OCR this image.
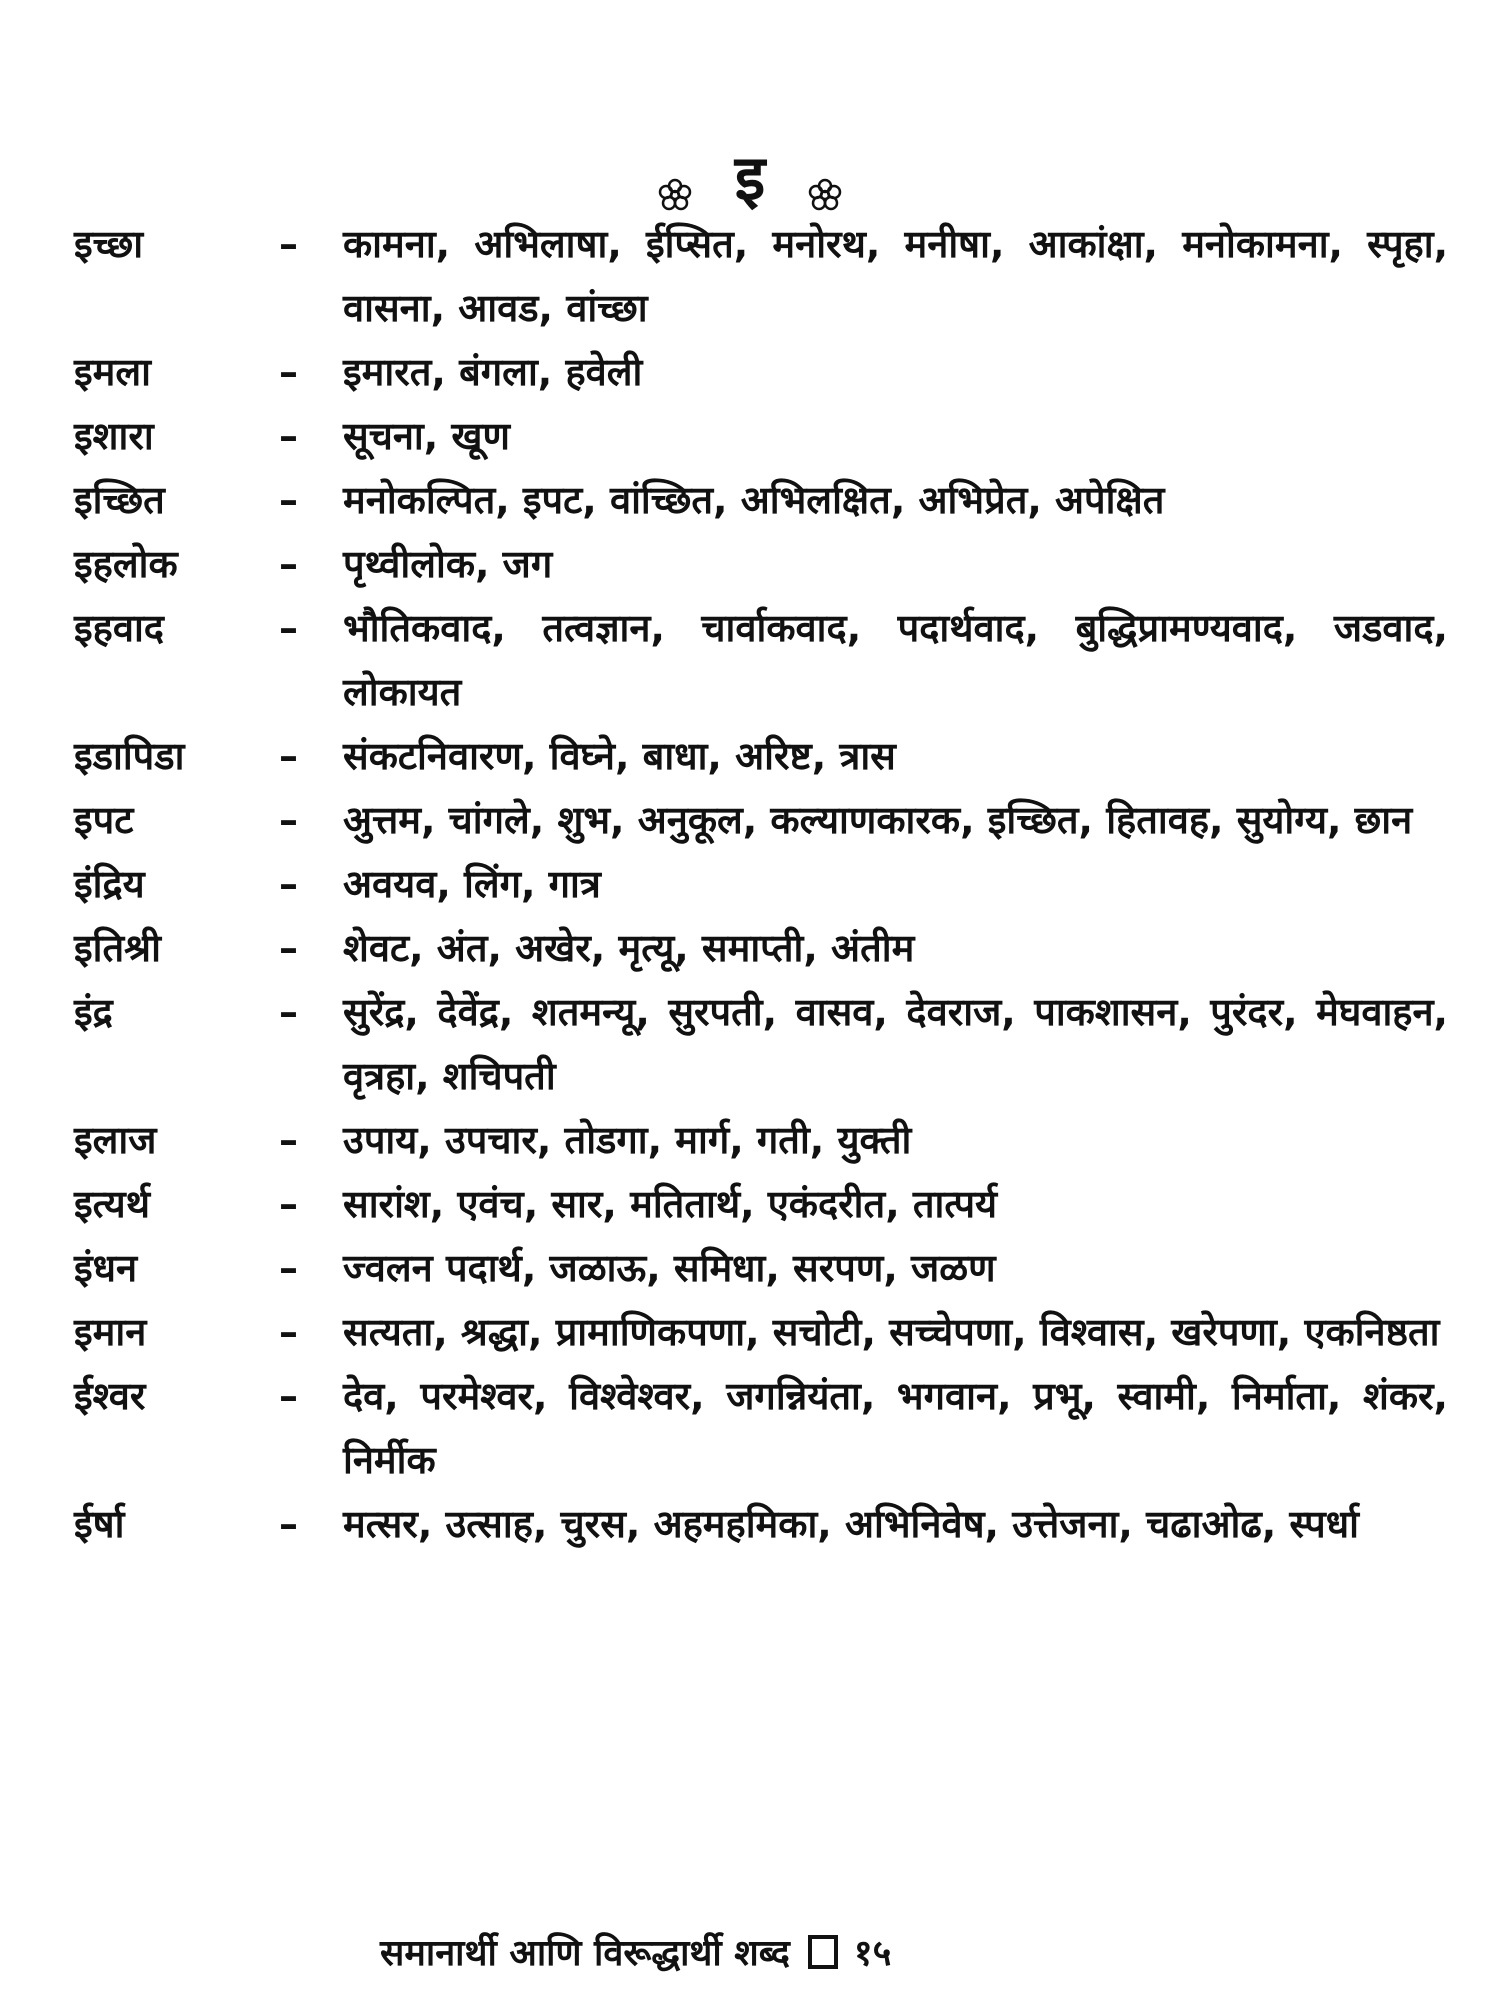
इ
इच्छा	–	कामना, अभिलाषा, ईप्सित, मनोरथ, मनीषा, आकांक्षा, मनोकामना, स्पृहा, वासना, आवड, वांच्छा
इमला	–	इमारत, बंगला, हवेली
इशारा	–	सूचना, खूण
इच्छित	–	मनोकल्पित, इपट, वांच्छित, अभिलक्षित, अभिप्रेत, अपेक्षित
इहलोक	–	पृथ्वीलोक, जग
इहवाद	–	भौतिकवाद, तत्वज्ञान, चार्वाकवाद, पदार्थवाद, बुद्धिप्रामण्यवाद, जडवाद, लोकायत
इडापिडा	–	संकटनिवारण, विघ्ने, बाधा, अरिष्ट, त्रास
इपट	–	अुत्तम, चांगले, शुभ, अनुकूल, कल्याणकारक, इच्छित, हितावह, सुयोग्य, छान
इंद्रिय	–	अवयव, लिंग, गात्र
इतिश्री	–	शेवट, अंत, अखेर, मृत्यू, समाप्ती, अंतीम
इंद्र	–	सुरेंद्र, देवेंद्र, शतमन्यू, सुरपती, वासव, देवराज, पाकशासन, पुरंदर, मेघवाहन, वृत्रहा, शचिपती
इलाज	–	उपाय, उपचार, तोडगा, मार्ग, गती, युक्ती
इत्यर्थ	–	सारांश, एवंच, सार, मतितार्थ, एकंदरीत, तात्पर्य
इंधन	–	ज्वलन पदार्थ, जळाऊ, समिधा, सरपण, जळण
इमान	–	सत्यता, श्रद्धा, प्रामाणिकपणा, सचोटी, सच्चेपणा, विश्वास, खरेपणा, एकनिष्ठता
ईश्वर	–	देव, परमेश्वर, विश्वेश्वर, जगन्नियंता, भगवान, प्रभू, स्वामी, निर्माता, शंकर, निर्मीक
ईर्षा	–	मत्सर, उत्साह, चुरस, अहमहमिका, अभिनिवेष, उत्तेजना, चढाओढ, स्पर्धा
समानार्थी आणि विरूद्धार्थी शब्द १५
